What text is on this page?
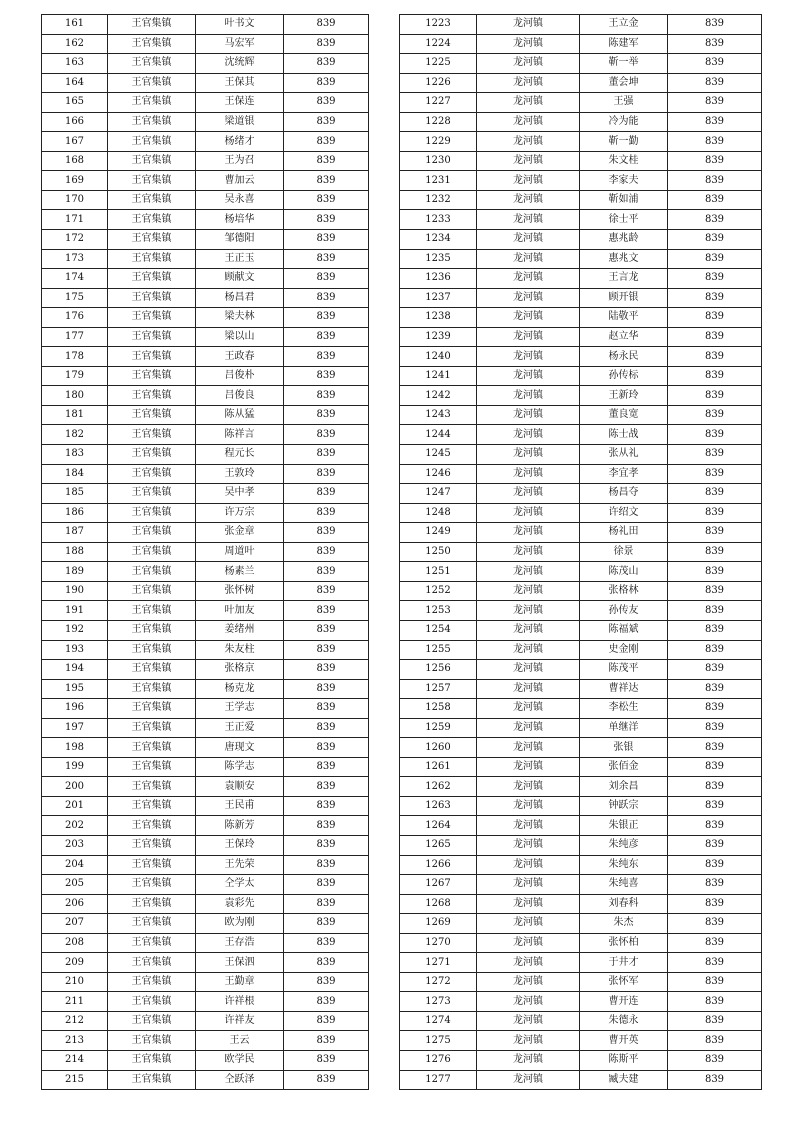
161	王官集镇	叶书文	839
162	王官集镇	马宏军	839
163	王官集镇	沈统辉	839
164	王官集镇	王保其	839
165	王官集镇	王保连	839
166	王官集镇	梁道银	839
167	王官集镇	杨绪才	839
168	王官集镇	王为召	839
169	王官集镇	曹加云	839
170	王官集镇	吴永喜	839
171	王官集镇	杨培华	839
172	王官集镇	邹德阳	839
173	王官集镇	王正玉	839
174	王官集镇	顾献文	839
175	王官集镇	杨昌君	839
176	王官集镇	梁夫林	839
177	王官集镇	梁以山	839
178	王官集镇	王政春	839
179	王官集镇	吕俊朴	839
180	王官集镇	吕俊良	839
181	王官集镇	陈从猛	839
182	王官集镇	陈祥言	839
183	王官集镇	程元长	839
184	王官集镇	王敦玲	839
185	王官集镇	吴中孝	839
186	王官集镇	许万宗	839
187	王官集镇	张金章	839
188	王官集镇	周道叶	839
189	王官集镇	杨素兰	839
190	王官集镇	张怀树	839
191	王官集镇	叶加友	839
192	王官集镇	姜绪州	839
193	王官集镇	朱友柱	839
194	王官集镇	张格京	839
195	王官集镇	杨克龙	839
196	王官集镇	王学志	839
197	王官集镇	王正爱	839
198	王官集镇	唐现文	839
199	王官集镇	陈学志	839
200	王官集镇	袁顺安	839
201	王官集镇	王民甫	839
202	王官集镇	陈新芳	839
203	王官集镇	王保玲	839
204	王官集镇	王先荣	839
205	王官集镇	仝学太	839
206	王官集镇	袁彩先	839
207	王官集镇	欧为刚	839
208	王官集镇	王存浩	839
209	王官集镇	王保泗	839
210	王官集镇	王勤章	839
211	王官集镇	许祥根	839
212	王官集镇	许祥友	839
213	王官集镇	王云	839
214	王官集镇	欧学民	839
215	王官集镇	仝跃泽	839
1223	龙河镇	王立金	839
1224	龙河镇	陈建军	839
1225	龙河镇	靳一举	839
1226	龙河镇	董会坤	839
1227	龙河镇	王强	839
1228	龙河镇	冷为能	839
1229	龙河镇	靳一勤	839
1230	龙河镇	朱文桂	839
1231	龙河镇	李家夫	839
1232	龙河镇	靳如浦	839
1233	龙河镇	徐士平	839
1234	龙河镇	惠兆龄	839
1235	龙河镇	惠兆文	839
1236	龙河镇	王言龙	839
1237	龙河镇	顾开银	839
1238	龙河镇	陆敬平	839
1239	龙河镇	赵立华	839
1240	龙河镇	杨永民	839
1241	龙河镇	孙传标	839
1242	龙河镇	王新玲	839
1243	龙河镇	董良宽	839
1244	龙河镇	陈士战	839
1245	龙河镇	张从礼	839
1246	龙河镇	李宜孝	839
1247	龙河镇	杨昌夺	839
1248	龙河镇	许绍文	839
1249	龙河镇	杨礼田	839
1250	龙河镇	徐景	839
1251	龙河镇	陈茂山	839
1252	龙河镇	张格林	839
1253	龙河镇	孙传友	839
1254	龙河镇	陈福斌	839
1255	龙河镇	史金刚	839
1256	龙河镇	陈茂平	839
1257	龙河镇	曹祥达	839
1258	龙河镇	李松生	839
1259	龙河镇	单继洋	839
1260	龙河镇	张银	839
1261	龙河镇	张佰金	839
1262	龙河镇	刘余昌	839
1263	龙河镇	钟跃宗	839
1264	龙河镇	朱银正	839
1265	龙河镇	朱纯彦	839
1266	龙河镇	朱纯东	839
1267	龙河镇	朱纯喜	839
1268	龙河镇	刘春科	839
1269	龙河镇	朱杰	839
1270	龙河镇	张怀柏	839
1271	龙河镇	于井才	839
1272	龙河镇	张怀军	839
1273	龙河镇	曹开连	839
1274	龙河镇	朱德永	839
1275	龙河镇	曹开英	839
1276	龙河镇	陈斯平	839
1277	龙河镇	臧夫建	839
